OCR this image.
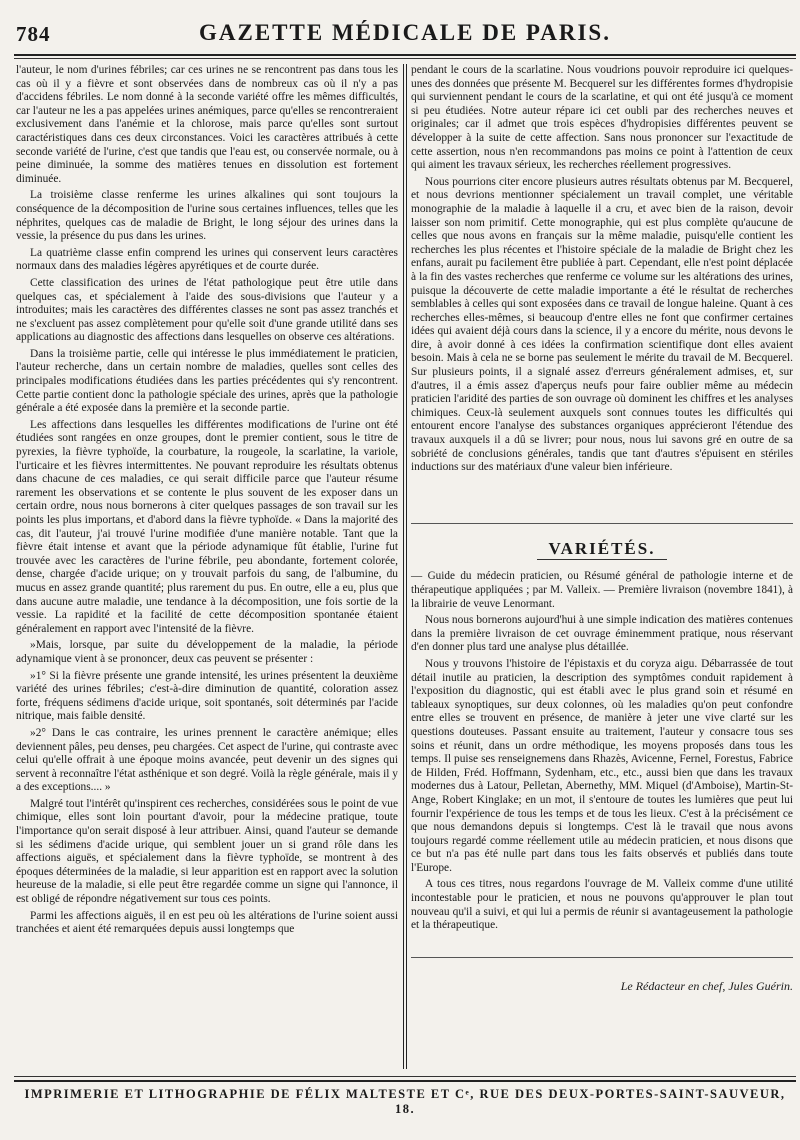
784	GAZETTE MÉDICALE DE PARIS.

l'auteur, le nom d'urines fébriles; car ces urines ne se rencontrent pas dans tous les cas où il y a fièvre et sont observées dans de nombreux cas où il n'y a pas d'accidens fébriles. Le nom donné à la seconde variété offre les mêmes difficultés, car l'auteur ne les a pas appelées urines anémiques, parce qu'elles se rencontreraient exclusivement dans l'anémie et la chlorose, mais parce qu'elles sont surtout caractéristiques dans ces deux circonstances. Voici les caractères attribués à cette seconde variété de l'urine, c'est que tandis que l'eau est, ou conservée normale, ou à peine diminuée, la somme des matières tenues en dissolution est fortement diminuée.

La troisième classe renferme les urines alkalines qui sont toujours la conséquence de la décomposition de l'urine sous certaines influences, telles que les néphrites, quelques cas de maladie de Bright, le long séjour des urines dans la vessie, la présence du pus dans les urines.

La quatrième classe enfin comprend les urines qui conservent leurs caractères normaux dans des maladies légères apyrétiques et de courte durée.

Cette classification des urines de l'état pathologique peut être utile dans quelques cas, et spécialement à l'aide des sous-divisions que l'auteur y a introduites; mais les caractères des différentes classes ne sont pas assez tranchés et ne s'excluent pas assez complètement pour qu'elle soit d'une grande utilité dans ses applications au diagnostic des affections dans lesquelles on observe ces altérations.

Dans la troisième partie, celle qui intéresse le plus immédiatement le praticien, l'auteur recherche, dans un certain nombre de maladies, quelles sont celles des principales modifications étudiées dans les parties précédentes qui s'y rencontrent. Cette partie contient donc la pathologie spéciale des urines, après que la pathologie générale a été exposée dans la première et la seconde partie.

Les affections dans lesquelles les différentes modifications de l'urine ont été étudiées sont rangées en onze groupes, dont le premier contient, sous le titre de pyrexies, la fièvre typhoïde, la courbature, la rougeole, la scarlatine, la variole, l'urticaire et les fièvres intermittentes. Ne pouvant reproduire les résultats obtenus dans chacune de ces maladies, ce qui serait difficile parce que l'auteur résume rarement les observations et se contente le plus souvent de les exposer dans un certain ordre, nous nous bornerons à citer quelques passages de son travail sur les points les plus importans, et d'abord dans la fièvre typhoïde. « Dans la majorité des cas, dit l'auteur, j'ai trouvé l'urine modifiée d'une manière notable. Tant que la fièvre était intense et avant que la période adynamique fût établie, l'urine fut trouvée avec les caractères de l'urine fébrile, peu abondante, fortement colorée, dense, chargée d'acide urique; on y trouvait parfois du sang, de l'albumine, du mucus en assez grande quantité; plus rarement du pus. En outre, elle a eu, plus que dans aucune autre maladie, une tendance à la décomposition, une fois sortie de la vessie. La rapidité et la facilité de cette décomposition spontanée étaient généralement en rapport avec l'intensité de la fièvre.

»Mais, lorsque, par suite du développement de la maladie, la période adynamique vient à se prononcer, deux cas peuvent se présenter :

»1° Si la fièvre présente une grande intensité, les urines présentent la deuxième variété des urines fébriles; c'est-à-dire diminution de quantité, coloration assez forte, fréquens sédimens d'acide urique, soit spontanés, soit déterminés par l'acide nitrique, mais faible densité.

»2° Dans le cas contraire, les urines prennent le caractère anémique; elles deviennent pâles, peu denses, peu chargées. Cet aspect de l'urine, qui contraste avec celui qu'elle offrait à une époque moins avancée, peut devenir un des signes qui servent à reconnaître l'état asthénique et son degré. Voilà la règle générale, mais il y a des exceptions.... »

Malgré tout l'intérêt qu'inspirent ces recherches, considérées sous le point de vue chimique, elles sont loin pourtant d'avoir, pour la médecine pratique, toute l'importance qu'on serait disposé à leur attribuer. Ainsi, quand l'auteur se demande si les sédimens d'acide urique, qui semblent jouer un si grand rôle dans les affections aiguës, et spécialement dans la fièvre typhoïde, se montrent à des époques déterminées de la maladie, si leur apparition est en rapport avec la solution heureuse de la maladie, si elle peut être regardée comme un signe qui l'annonce, il est obligé de répondre négativement sur tous ces points.

Parmi les affections aiguës, il en est peu où les altérations de l'urine soient aussi tranchées et aient été remarquées depuis aussi longtemps que

pendant le cours de la scarlatine. Nous voudrions pouvoir reproduire ici quelques-unes des données que présente M. Becquerel sur les différentes formes d'hydropisie qui surviennent pendant le cours de la scarlatine, et qui ont été jusqu'à ce moment si peu étudiées. Notre auteur répare ici cet oubli par des recherches neuves et originales; car il admet que trois espèces d'hydropisies différentes peuvent se développer à la suite de cette affection. Sans nous prononcer sur l'exactitude de cette assertion, nous n'en recommandons pas moins ce point à l'attention de ceux qui aiment les travaux sérieux, les recherches réellement progressives.

Nous pourrions citer encore plusieurs autres résultats obtenus par M. Becquerel, et nous devrions mentionner spécialement un travail complet, une véritable monographie de la maladie à laquelle il a cru, et avec bien de la raison, devoir laisser son nom primitif. Cette monographie, qui est plus complète qu'aucune de celles que nous avons en français sur la même maladie, puisqu'elle contient les recherches les plus récentes et l'histoire spéciale de la maladie de Bright chez les enfans, aurait pu facilement être publiée à part. Cependant, elle n'est point déplacée à la fin des vastes recherches que renferme ce volume sur les altérations des urines, puisque la découverte de cette maladie importante a été le résultat de recherches semblables à celles qui sont exposées dans ce travail de longue haleine. Quant à ces recherches elles-mêmes, si beaucoup d'entre elles ne font que confirmer certaines idées qui avaient déjà cours dans la science, il y a encore du mérite, nous devons le dire, à avoir donné à ces idées la confirmation scientifique dont elles avaient besoin. Mais à cela ne se borne pas seulement le mérite du travail de M. Becquerel. Sur plusieurs points, il a signalé assez d'erreurs généralement admises, et, sur d'autres, il a émis assez d'aperçus neufs pour faire oublier même au médecin praticien l'aridité des parties de son ouvrage où dominent les chiffres et les analyses chimiques. Ceux-là seulement auxquels sont connues toutes les difficultés qui entourent encore l'analyse des substances organiques apprécieront l'étendue des travaux auxquels il a dû se livrer; pour nous, nous lui savons gré en outre de sa sobriété de conclusions générales, tandis que tant d'autres s'épuisent en stériles inductions sur des matériaux d'une valeur bien inférieure.

VARIÉTÉS.

— Guide du médecin praticien, ou Résumé général de pathologie interne et de thérapeutique appliquées ; par M. Valleix. — Première livraison (novembre 1841), à la librairie de veuve Lenormant.

Nous nous bornerons aujourd'hui à une simple indication des matières contenues dans la première livraison de cet ouvrage éminemment pratique, nous réservant d'en donner plus tard une analyse plus détaillée.

Nous y trouvons l'histoire de l'épistaxis et du coryza aigu. Débarrassée de tout détail inutile au praticien, la description des symptômes conduit rapidement à l'exposition du diagnostic, qui est établi avec le plus grand soin et résumé en tableaux synoptiques, sur deux colonnes, où les maladies qu'on peut confondre entre elles se trouvent en présence, de manière à jeter une vive clarté sur les questions douteuses. Passant ensuite au traitement, l'auteur y consacre tous ses soins et réunit, dans un ordre méthodique, les moyens proposés dans tous les temps. Il puise ses renseignemens dans Rhazès, Avicenne, Fernel, Forestus, Fabrice de Hilden, Fréd. Hoffmann, Sydenham, etc., etc., aussi bien que dans les travaux modernes dus à Latour, Pelletan, Abernethy, MM. Miquel (d'Amboise), Martin-St-Ange, Robert Kinglake; en un mot, il s'entoure de toutes les lumières que peut lui fournir l'expérience de tous les temps et de tous les lieux. C'est à la précisément ce que nous demandons depuis si longtemps. C'est là le travail que nous avons toujours regardé comme réellement utile au médecin praticien, et nous disons que ce but n'a pas été nulle part dans tous les faits observés et publiés dans toute l'Europe.

A tous ces titres, nous regardons l'ouvrage de M. Valleix comme d'une utilité incontestable pour le praticien, et nous ne pouvons qu'approuver le plan tout nouveau qu'il a suivi, et qui lui a permis de réunir si avantageusement la pathologie et la thérapeutique.

Le Rédacteur en chef, Jules Guérin.
IMPRIMERIE ET LITHOGRAPHIE DE FÉLIX MALTESTE ET Cᵉ, RUE DES DEUX-PORTES-SAINT-SAUVEUR, 18.
